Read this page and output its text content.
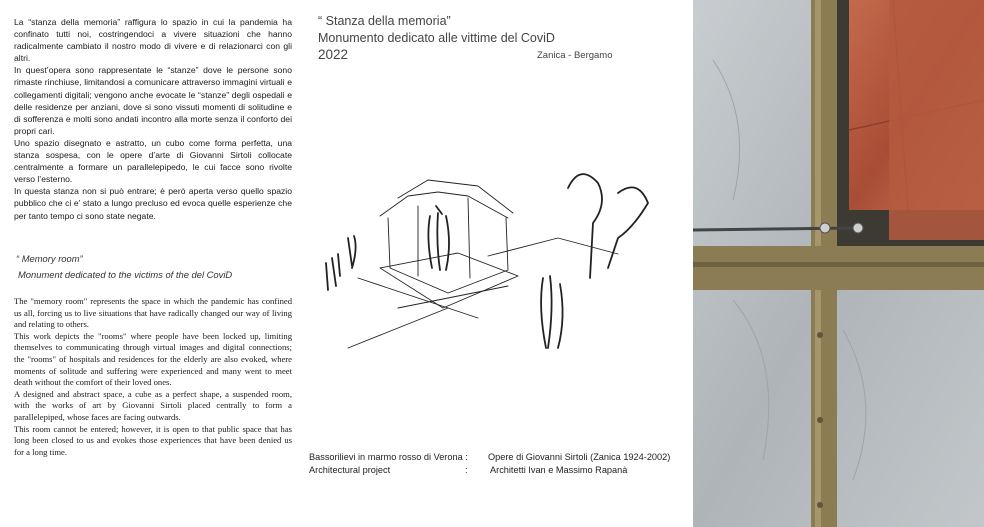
La “stanza della memoria” raffigura lo spazio in cui la pandemia ha confinato tutti noi, costringendoci a vivere situazioni che hanno radicalmente cambiato il nostro modo di vivere e di relazionarci con gli altri.

In quest’opera sono rappresentate le “stanze” dove le persone sono rimaste rinchiuse, limitandosi a comunicare attraverso immagini virtuali e collegamenti digitali; vengono anche evocate le “stanze” degli ospedali e delle residenze per anziani, dove si sono vissuti momenti di solitudine e di sofferenza e molti sono andati incontro alla morte senza il conforto dei propri cari.

Uno spazio disegnato e astratto, un cubo come forma perfetta, una stanza sospesa, con le opere d’arte di Giovanni Sirtoli collocate centralmente a formare un parallelepipedo, le cui facce sono rivolte verso l’esterno.

In questa stanza non si può entrare; è però aperta verso quello spazio pubblico che ci e’ stato a lungo precluso ed evoca quelle esperienze che per tanto tempo ci sono state negate.

“ Memory room”
Monument dedicated to the victims of the del CoviD

The "memory room" represents the space in which the pandemic has confined us all, forcing us to live situations that have radically changed our way of living and relating to others.

This work depicts the "rooms" where people have been locked up, limiting themselves to communicating through virtual images and digital connections; the "rooms" of hospitals and residences for the elderly are also evoked, where moments of solitude and suffering were experienced and many went to meet death without the comfort of their loved ones.

A designed and abstract space, a cube as a perfect shape, a suspended room, with the works of art by Giovanni Sirtoli placed centrally to form a parallelepiped, whose faces are facing outwards.

This room cannot be entered; however, it is open to that public space that has long been closed to us and evokes those experiences that have been denied us for a long time.

“ Stanza della memoria”
Monumento dedicato alle vittime del CoviD
2022	Zanica - Bergamo
Bassorilievi in marmo rosso di Verona : Opere di Giovanni Sirtoli (Zanica 1924-2002)
Architectural project	: Architetti Ivan e Massimo Rapanà
